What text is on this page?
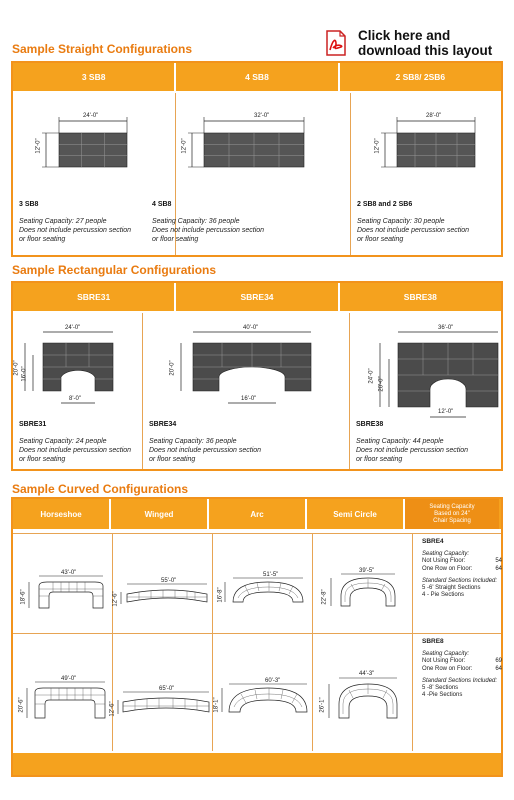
Click here and
download this layout
Sample Straight Configurations
3 SB8	4 SB8	2 SB8/ 2SB6
24'-0"
12'-0"
3 SB8
Seating Capacity: 27 people
Does not include percussion section
or floor seating
32'-0"
12'-0"
4 SB8
Seating Capacity: 36 people
Does not include percussion section
or floor seating
28'-0"
12'-0"
2 SB8 and 2 SB6
Seating Capacity: 30 people
Does not include percussion section
or floor seating
Sample Rectangular Configurations
SBRE31	SBRE34	SBRE38
24'-0"
20'-0" 16'-0"
8'-0"
SBRE31
Seating Capacity: 24 people
Does not include percussion section
or floor seating
40'-0"
20'-0"
16'-0"
SBRE34
Seating Capacity: 36 people
Does not include percussion section
or floor seating
36'-0"
24'-0"
20'-0"
12'-0"
SBRE38
Seating Capacity: 44 people
Does not include percussion section
or floor seating
Sample Curved Configurations
Horseshoe	Winged	Arc	Semi Circle
Seating Capacity
Based on 24"
Chair Spacing
43'-0"
18'-6"
55'-0"
12'-6"
51'-5"
16'-8"
39'-5"
22'-8"
SBRE4
Seating Capacity:
Not Using Floor:	54
One Row on Floor:	64
Standard Sections Included:
5 -6' Straight Sections
4 - Pie Sections
49'-0"
20'-6"
65'-0"
12'-6"
60'-3"
18'-1"
44'-3"
26'-1"
SBRE8
Seating Capacity:
Not Using Floor:	69
One Row on Floor:	64
Standard Sections Included:
5 -8' Sections
4 -Pie Sections
